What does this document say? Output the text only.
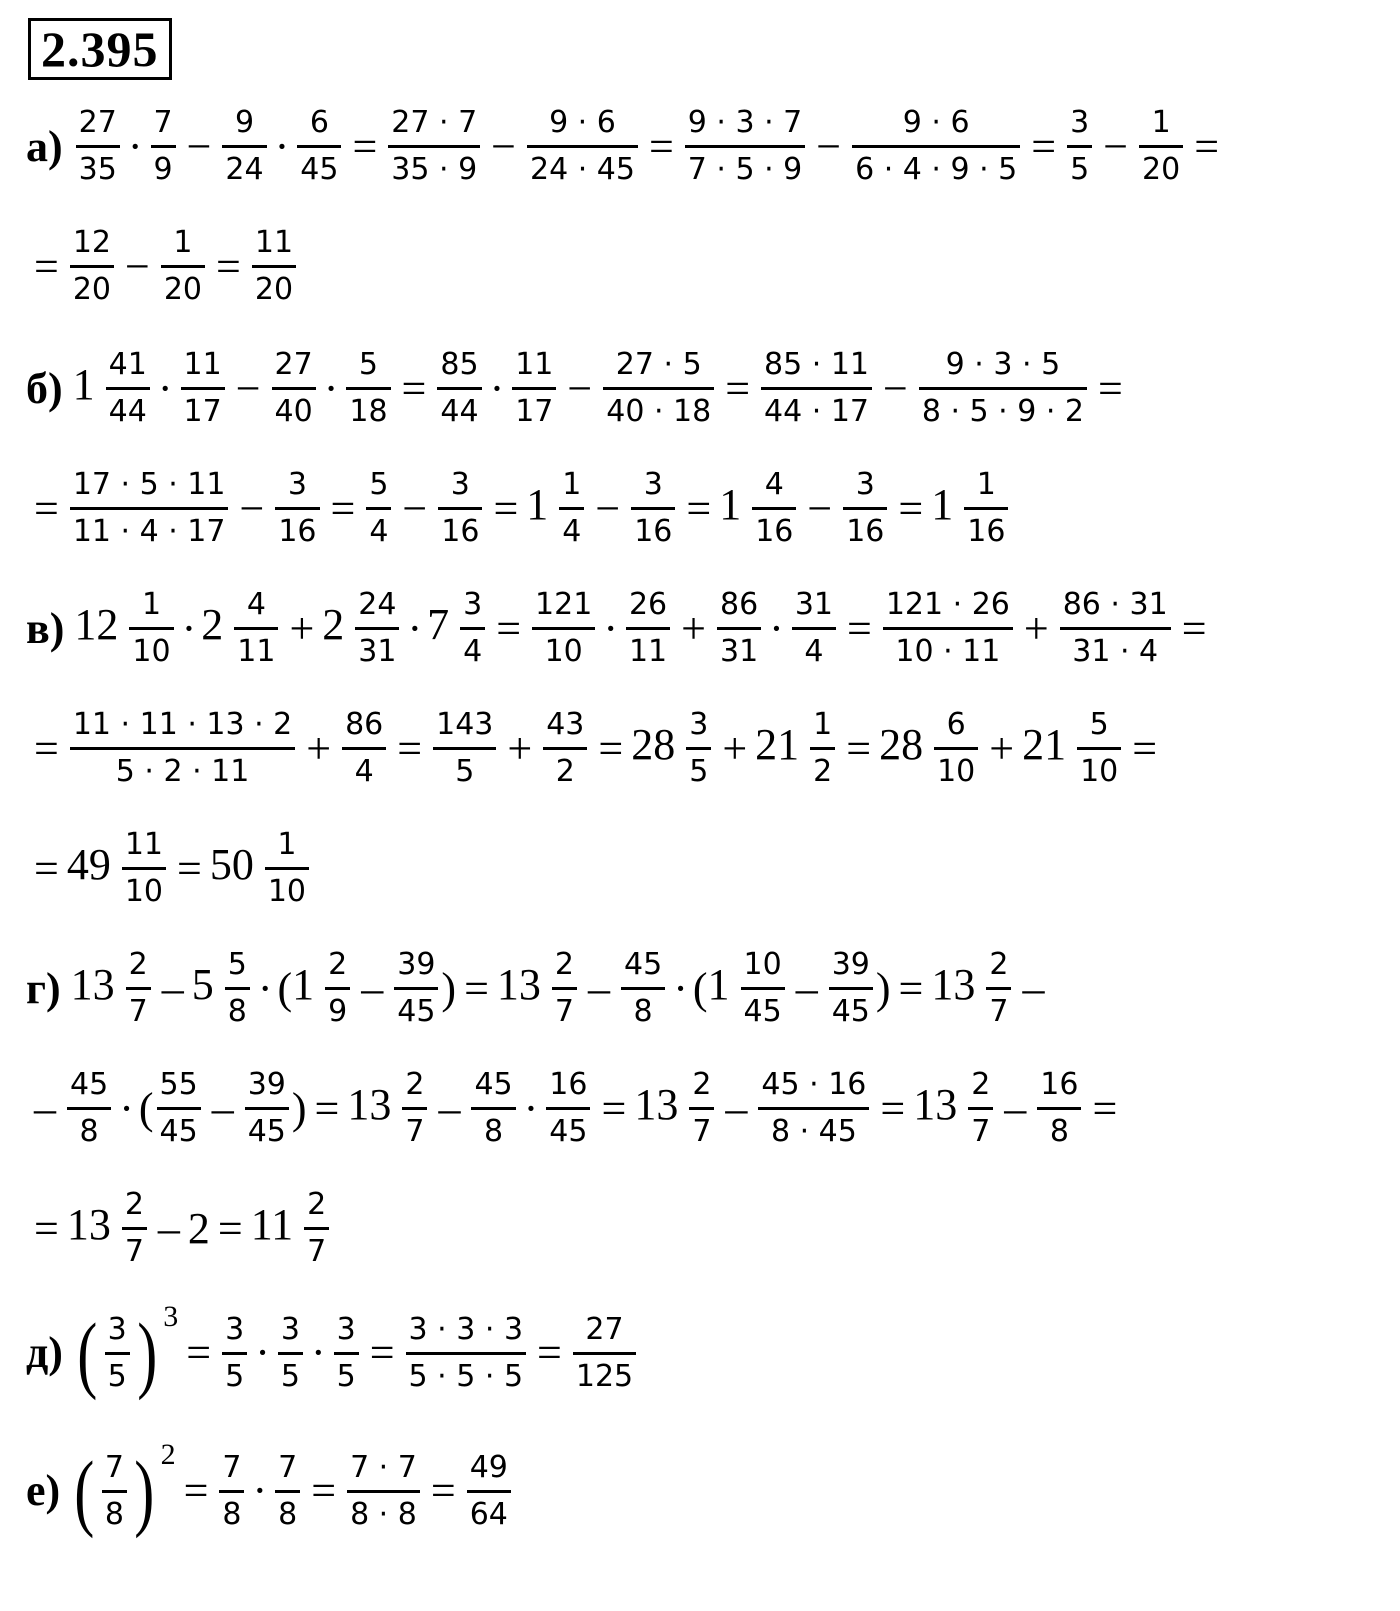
2.395
$а) \frac{27}{35} \cdot \frac{7}{9} - \frac{9}{24} \cdot \frac{6}{45} = \frac{27 \cdot 7}{35 \cdot 9} - \frac{9 \cdot 6}{24 \cdot 45} = \frac{9 \cdot 3 \cdot 7}{7 \cdot 5 \cdot 9} - \frac{9 \cdot 6}{6 \cdot 4 \cdot 9 \cdot 5} = \frac{3}{5} - \frac{1}{20}$ =
= $\frac{12}{20} - \frac{1}{20} = \frac{11}{20}$
б) $1 \frac{41}{44} \cdot \frac{11}{17} - \frac{27}{40} \cdot \frac{5}{18} = \frac{85}{44} \cdot \frac{11}{17} - \frac{27 \cdot 5}{40 \cdot 18} = \frac{85 \cdot 11}{44 \cdot 17} - \frac{9 \cdot 3 \cdot 5}{8 \cdot 5 \cdot 9 \cdot 2}$ =
= $\frac{17 \cdot 5 \cdot 11}{11 \cdot 4 \cdot 17} - \frac{3}{16} = \frac{5}{4} - \frac{3}{16} = 1 \frac{1}{4} - \frac{3}{16} = 1 \frac{4}{16} - \frac{3}{16} = 1 \frac{1}{16}$
в) $12 \frac{1}{10} \cdot 2 \frac{4}{11} + 2 \frac{24}{31} \cdot 7 \frac{3}{4} = \frac{121}{10} \cdot \frac{26}{11} + \frac{86}{31} \cdot \frac{31}{4} = \frac{121 \cdot 26}{10 \cdot 11} + \frac{86 \cdot 31}{31 \cdot 4}$ =
= $\frac{11 \cdot 11 \cdot 13 \cdot 2}{5 \cdot 2 \cdot 11} + \frac{86}{4} = \frac{143}{5} + \frac{43}{2} = 28 \frac{3}{5} + 21 \frac{1}{2} = 28 \frac{6}{10} + 21 \frac{5}{10}$ =
= $49 \frac{11}{10} = 50 \frac{1}{10}$
г) $13 \frac{2}{7} - 5 \frac{5}{8}$ · ( $1 \frac{2}{9} - \frac{39}{45}$ ) = $13 \frac{2}{7} - \frac{45}{8}$ · ( $1 \frac{10}{45} - \frac{39}{45}$ ) = $13 \frac{2}{7}$ –
– $\frac{45}{8}$ · ( $\frac{55}{45} - \frac{39}{45}$ ) = $13 \frac{2}{7} - \frac{45}{8} \cdot \frac{16}{45} = 13 \frac{2}{7} - \frac{45 \cdot 16}{8 \cdot 45} = 13 \frac{2}{7} - \frac{16}{8}$ =
= $13 \frac{2}{7} - 2 = 11 \frac{2}{7}$
д) ( $\frac{3}{5}$ ) 3
= $\frac{3}{5} \cdot \frac{3}{5} \cdot \frac{3}{5} = \frac{3 \cdot 3 \cdot 3}{5 \cdot 5 \cdot 5} = \frac{27}{125}$
е) ( $\frac{7}{8}$ ) 2
= $\frac{7}{8} \cdot \frac{7}{8} = \frac{7 \cdot 7}{8 \cdot 8} = \frac{49}{64}$
